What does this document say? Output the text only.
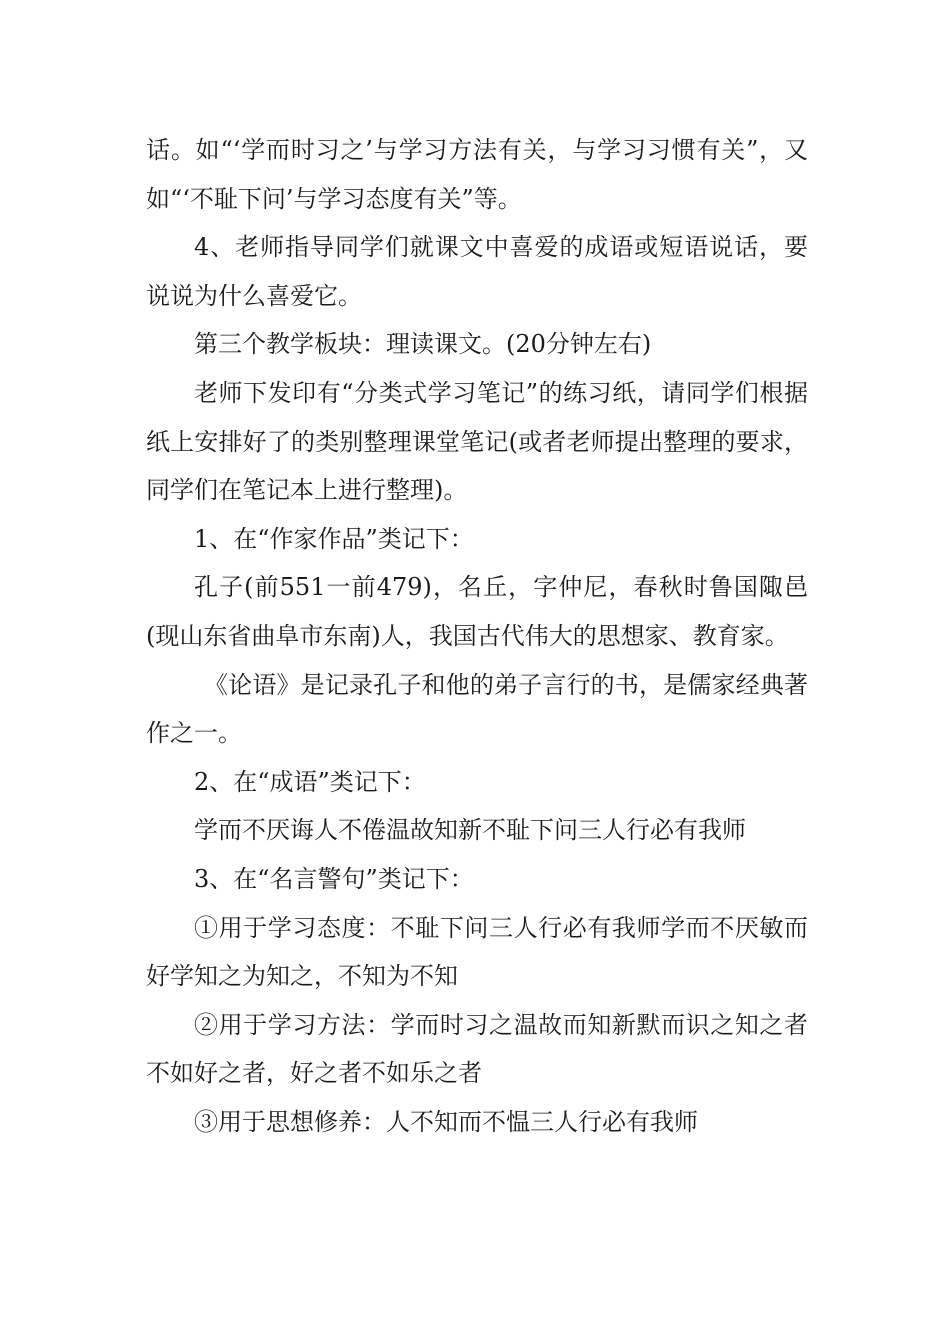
话。如“‘学而时习之’与学习方法有关，与学习习惯有关”，又如“‘不耻下问’与学习态度有关”等。

4、老师指导同学们就课文中喜爱的成语或短语说话，要说说为什么喜爱它。

第三个教学板块：理读课文。(20分钟左右)

老师下发印有“分类式学习笔记”的练习纸，请同学们根据纸上安排好了的类别整理课堂笔记(或者老师提出整理的要求，同学们在笔记本上进行整理)。

1、在“作家作品”类记下：

孔子(前551一前479)，名丘，字仲尼，春秋时鲁国陬邑(现山东省曲阜市东南)人，我国古代伟大的思想家、教育家。

《论语》是记录孔子和他的弟子言行的书，是儒家经典著作之一。

2、在“成语”类记下：

学而不厌诲人不倦温故知新不耻下问三人行必有我师

3、在“名言警句”类记下：

①用于学习态度：不耻下问三人行必有我师学而不厌敏而好学知之为知之，不知为不知

②用于学习方法：学而时习之温故而知新默而识之知之者不如好之者，好之者不如乐之者

③用于思想修养：人不知而不愠三人行必有我师
